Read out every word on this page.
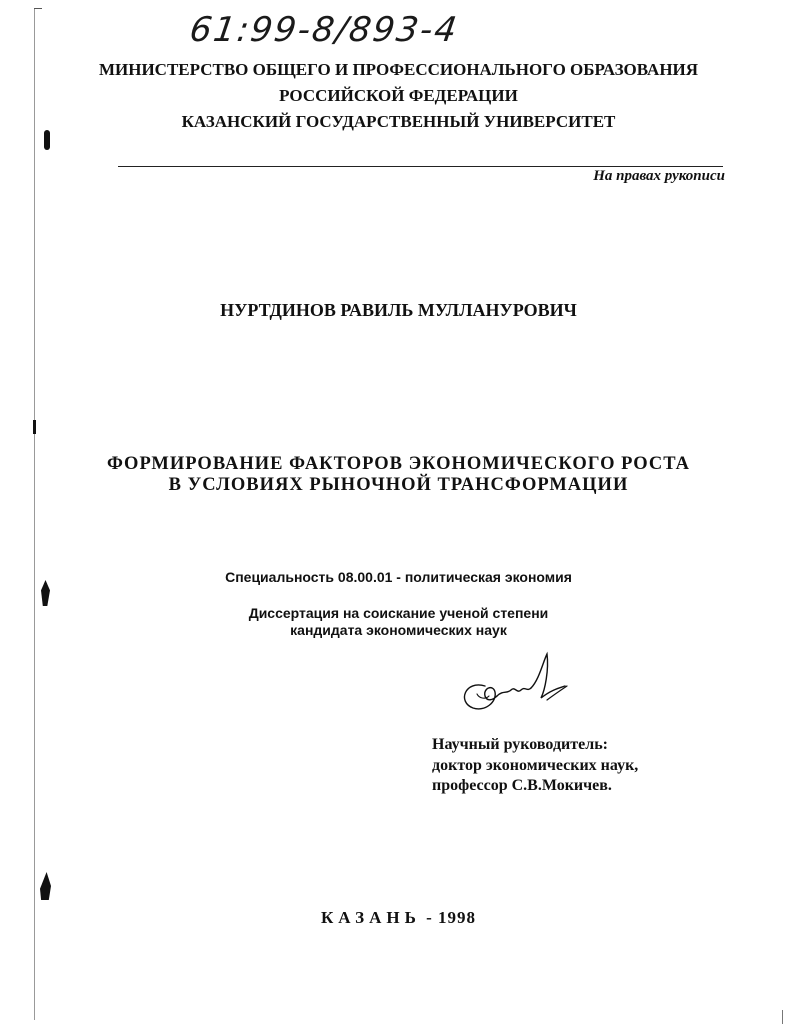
61:99-8/893-4
МИНИСТЕРСТВО ОБЩЕГО И ПРОФЕССИОНАЛЬНОГО ОБРАЗОВАНИЯ
РОССИЙСКОЙ ФЕДЕРАЦИИ
КАЗАНСКИЙ ГОСУДАРСТВЕННЫЙ УНИВЕРСИТЕТ
На правах рукописи
НУРТДИНОВ РАВИЛЬ МУЛЛАНУРОВИЧ
ФОРМИРОВАНИЕ ФАКТОРОВ ЭКОНОМИЧЕСКОГО РОСТА
В УСЛОВИЯХ РЫНОЧНОЙ ТРАНСФОРМАЦИИ
Специальность 08.00.01 - политическая экономия
Диссертация на соискание ученой степени
кандидата экономических наук
Научный руководитель:
доктор экономических наук,
профессор С.В.Мокичев.
КАЗАНЬ - 1998
